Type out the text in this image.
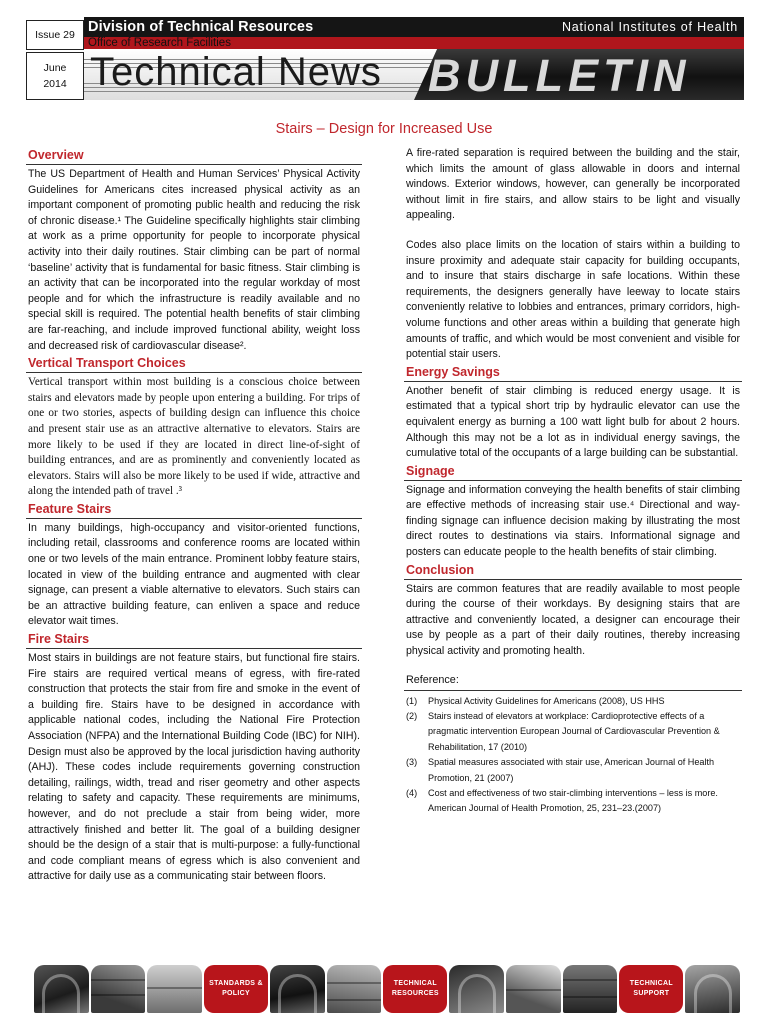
Issue 29
June
2014
Division of Technical Resources	National Institutes of Health
Office of Research Facilities
Technical News BULLETIN
Stairs – Design for Increased Use
Overview

The US Department of Health and Human Services’ Physical Activity Guidelines for Americans cites increased physical activity as an important component of promoting public health and reducing the risk of chronic disease.¹ The Guideline specifically highlights stair climbing at work as a prime opportunity for people to incorporate physical activity into their daily routines. Stair climbing can be part of normal ‘baseline’ activity that is fundamental for basic fitness. Stair climbing is an activity that can be incorporated into the regular workday of most people and for which the infrastructure is readily available and no special skill is required. The potential health benefits of stair climbing are far-reaching, and include improved functional ability, weight loss and decreased risk of cardiovascular disease².

Vertical Transport Choices

Vertical transport within most building is a conscious choice between stairs and elevators made by people upon entering a building. For trips of one or two stories, aspects of building design can influence this choice and present stair use as an attractive alternative to elevators. Stairs are more likely to be used if they are located in direct line-of-sight of building entrances, and are as prominently and conveniently located as elevators. Stairs will also be more likely to be used if wide, attractive and along the intended path of travel .³

Feature Stairs

In many buildings, high-occupancy and visitor-oriented functions, including retail, classrooms and conference rooms are located within one or two levels of the main entrance. Prominent lobby feature stairs, located in view of the building entrance and augmented with clear signage, can present a viable alternative to elevators. Such stairs can be an attractive building feature, can enliven a space and reduce elevator wait times.

Fire Stairs

Most stairs in buildings are not feature stairs, but functional fire stairs. Fire stairs are required vertical means of egress, with fire-rated construction that protects the stair from fire and smoke in the event of a building fire. Stairs have to be designed in accordance with applicable national codes, including the National Fire Protection Association (NFPA) and the International Building Code (IBC) for NIH). Design must also be approved by the local jurisdiction having authority (AHJ). These codes include requirements governing construction detailing, railings, width, tread and riser geometry and other aspects relating to safety and capacity. These requirements are minimums, however, and do not preclude a stair from being wider, more attractively finished and better lit. The goal of a building designer should be the design of a stair that is multi-purpose: a fully-functional and code compliant means of egress which is also convenient and attractive for daily use as a communicating stair between floors.

A fire-rated separation is required between the building and the stair, which limits the amount of glass allowable in doors and internal windows. Exterior windows, however, can generally be incorporated without limit in fire stairs, and allow stairs to be light and visually appealing.

Codes also place limits on the location of stairs within a building to insure proximity and adequate stair capacity for building occupants, and to insure that stairs discharge in safe locations. Within these requirements, the designers generally have leeway to locate stairs conveniently relative to lobbies and entrances, primary corridors, high-volume functions and other areas within a building that generate high amounts of traffic, and which would be most convenient and visible for potential stair users.

Energy Savings

Another benefit of stair climbing is reduced energy usage. It is estimated that a typical short trip by hydraulic elevator can use the equivalent energy as burning a 100 watt light bulb for about 2 hours. Although this may not be a lot as in individual energy savings, the cumulative total of the occupants of a large building can be substantial.

Signage

Signage and information conveying the health benefits of stair climbing are effective methods of increasing stair use.⁴ Directional and way-finding signage can influence decision making by illustrating the most direct routes to destinations via stairs. Informational signage and posters can educate people to the health benefits of stair climbing.

Conclusion

Stairs are common features that are readily available to most people during the course of their workdays. By designing stairs that are attractive and conveniently located, a designer can encourage their use by people as a part of their daily routines, thereby increasing physical activity and promoting health.

Reference:
(1)	Physical Activity Guidelines for Americans (2008), US HHS
(2)	Stairs instead of elevators at workplace: Cardioprotective effects of a pragmatic intervention European Journal of Cardiovascular Prevention & Rehabilitation, 17 (2010)
(3)	Spatial measures associated with stair use, American Journal of Health Promotion, 21 (2007)
(4)	Cost and effectiveness of two stair-climbing interventions – less is more. American Journal of Health Promotion, 25, 231–23.(2007)
STANDARDS & POLICY
TECHNICAL RESOURCES
TECHNICAL SUPPORT
